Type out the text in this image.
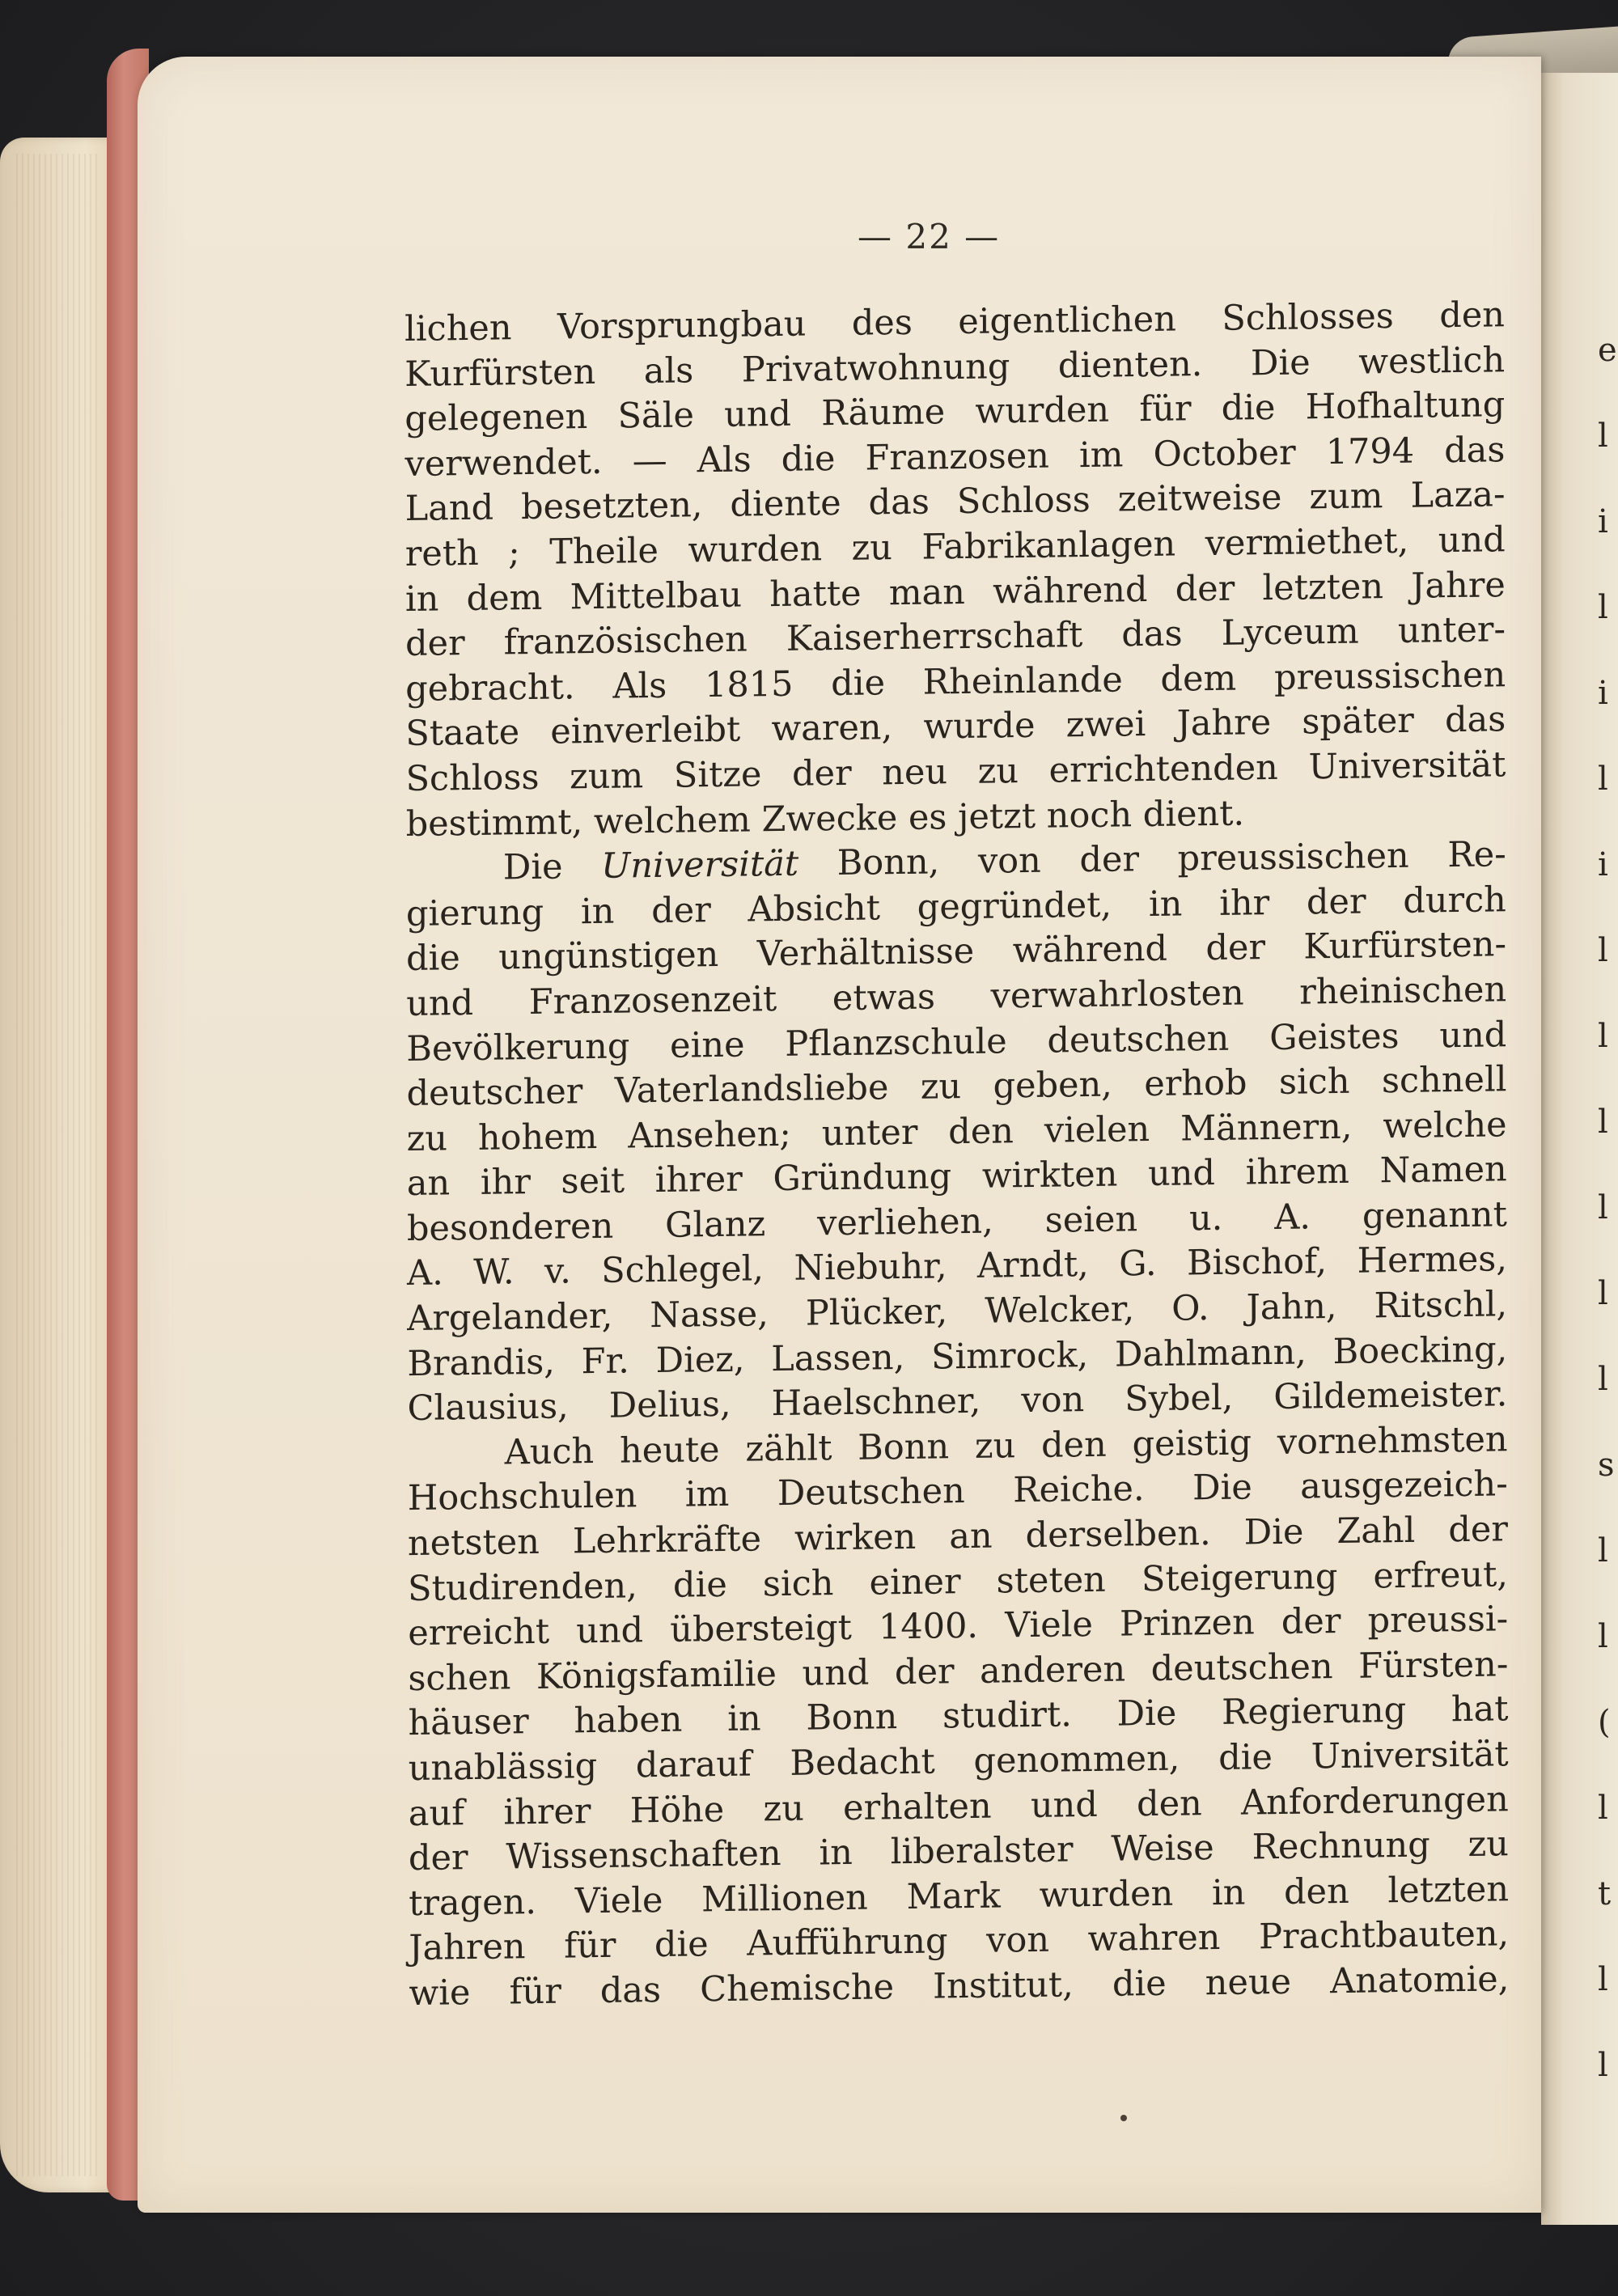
e
l
i
l
i
l
i
l
l
l
l
l
l
s
l
l
(
l
t
l
l
— 22 —
lichen Vorsprungbau des eigentlichen Schlosses den
Kurfürsten als Privatwohnung dienten. Die westlich
gelegenen Säle und Räume wurden für die Hofhaltung
verwendet. — Als die Franzosen im October 1794 das
Land besetzten, diente das Schloss zeitweise zum Laza-
reth ; Theile wurden zu Fabrikanlagen vermiethet, und
in dem Mittelbau hatte man während der letzten Jahre
der französischen Kaiserherrschaft das Lyceum unter-
gebracht. Als 1815 die Rheinlande dem preussischen
Staate einverleibt waren, wurde zwei Jahre später das
Schloss zum Sitze der neu zu errichtenden Universität
bestimmt, welchem Zwecke es jetzt noch dient.
Die Universität Bonn, von der preussischen Re-
gierung in der Absicht gegründet, in ihr der durch
die ungünstigen Verhältnisse während der Kurfürsten-
und Franzosenzeit etwas verwahrlosten rheinischen
Bevölkerung eine Pflanzschule deutschen Geistes und
deutscher Vaterlandsliebe zu geben, erhob sich schnell
zu hohem Ansehen; unter den vielen Männern, welche
an ihr seit ihrer Gründung wirkten und ihrem Namen
besonderen Glanz verliehen, seien u. A. genannt
A. W. v. Schlegel, Niebuhr, Arndt, G. Bischof, Hermes,
Argelander, Nasse, Plücker, Welcker, O. Jahn, Ritschl,
Brandis, Fr. Diez, Lassen, Simrock, Dahlmann, Boecking,
Clausius, Delius, Haelschner, von Sybel, Gildemeister.
Auch heute zählt Bonn zu den geistig vornehmsten
Hochschulen im Deutschen Reiche. Die ausgezeich-
netsten Lehrkräfte wirken an derselben. Die Zahl der
Studirenden, die sich einer steten Steigerung erfreut,
erreicht und übersteigt 1400. Viele Prinzen der preussi-
schen Königsfamilie und der anderen deutschen Fürsten-
häuser haben in Bonn studirt. Die Regierung hat
unablässig darauf Bedacht genommen, die Universität
auf ihrer Höhe zu erhalten und den Anforderungen
der Wissenschaften in liberalster Weise Rechnung zu
tragen. Viele Millionen Mark wurden in den letzten
Jahren für die Aufführung von wahren Prachtbauten,
wie für das Chemische Institut, die neue Anatomie,
